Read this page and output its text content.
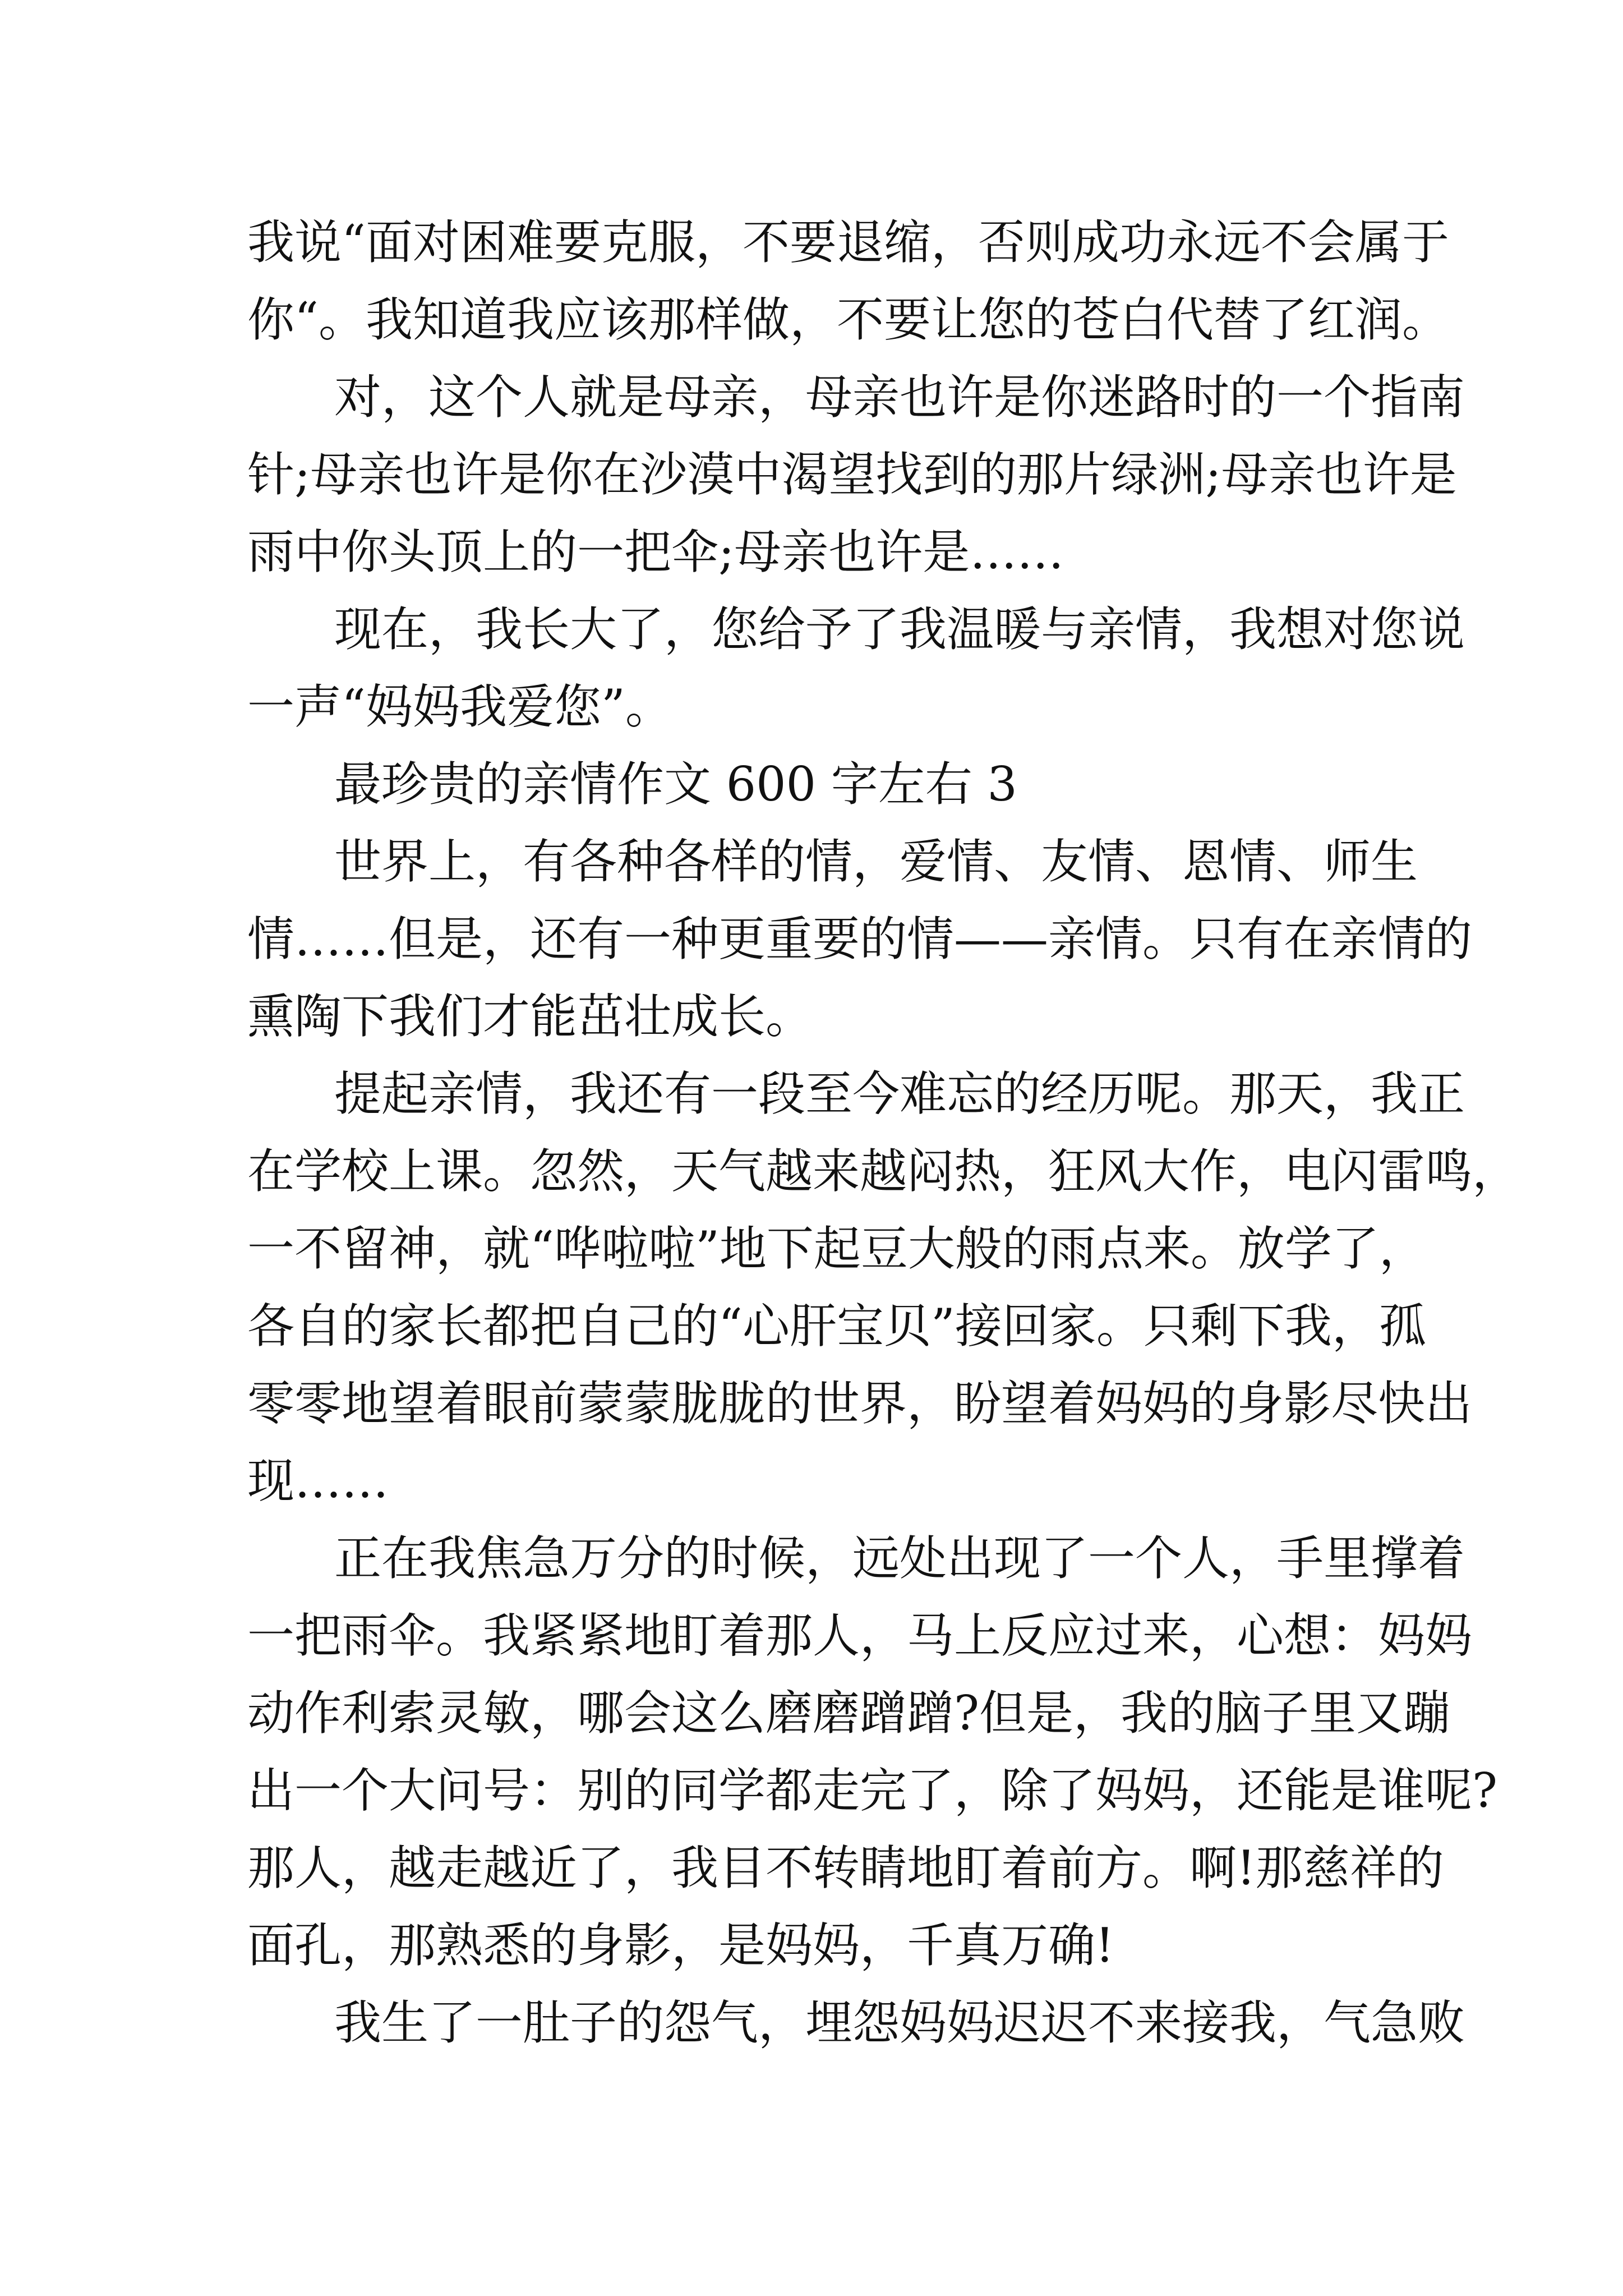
我说“面对困难要克服，不要退缩，否则成功永远不会属于

你“。我知道我应该那样做，不要让您的苍白代替了红润。

对，这个人就是母亲，母亲也许是你迷路时的一个指南

针;母亲也许是你在沙漠中渴望找到的那片绿洲;母亲也许是

雨中你头顶上的一把伞;母亲也许是……

现在，我长大了，您给予了我温暖与亲情，我想对您说

一声“妈妈我爱您”。

最珍贵的亲情作文 600 字左右 3

世界上，有各种各样的情，爱情、友情、恩情、师生

情……但是，还有一种更重要的情——亲情。只有在亲情的

熏陶下我们才能茁壮成长。

提起亲情，我还有一段至今难忘的经历呢。那天，我正

在学校上课。忽然，天气越来越闷热，狂风大作，电闪雷鸣，

一不留神，就“哗啦啦”地下起豆大般的雨点来。放学了，

各自的家长都把自己的“心肝宝贝”接回家。只剩下我，孤

零零地望着眼前蒙蒙胧胧的世界，盼望着妈妈的身影尽快出

现……

正在我焦急万分的时候，远处出现了一个人，手里撑着

一把雨伞。我紧紧地盯着那人，马上反应过来，心想：妈妈

动作利索灵敏，哪会这么磨磨蹭蹭?但是，我的脑子里又蹦

出一个大问号：别的同学都走完了，除了妈妈，还能是谁呢?

那人，越走越近了，我目不转睛地盯着前方。啊!那慈祥的

面孔，那熟悉的身影，是妈妈，千真万确!

我生了一肚子的怨气，埋怨妈妈迟迟不来接我，气急败
